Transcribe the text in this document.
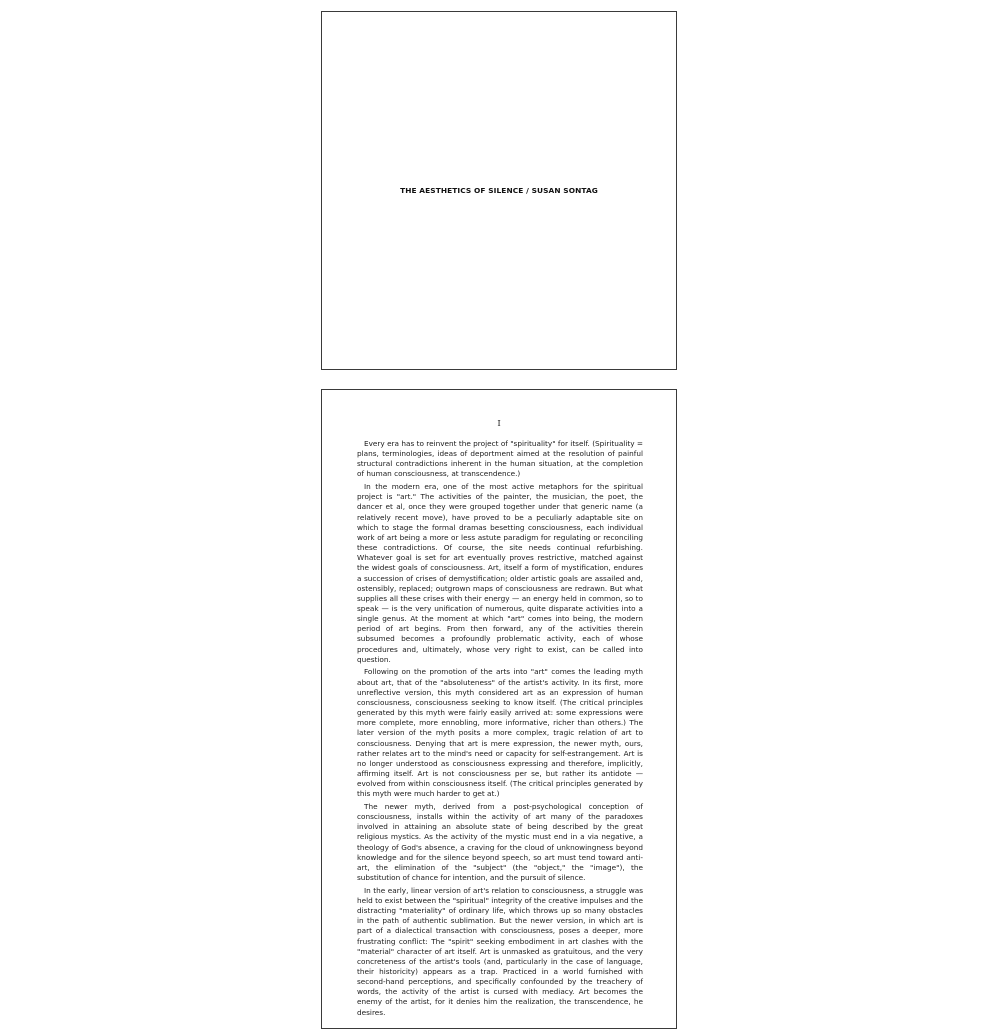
THE AESTHETICS OF SILENCE / SUSAN SONTAG
I

Every era has to reinvent the project of "spirituality" for itself. (Spirituality = plans, terminologies, ideas of deportment aimed at the resolution of painful structural contradictions inherent in the human situation, at the completion of human consciousness, at transcendence.)

In the modern era, one of the most active metaphors for the spiritual project is "art." The activities of the painter, the musician, the poet, the dancer et al, once they were grouped together under that generic name (a relatively recent move), have proved to be a peculiarly adaptable site on which to stage the formal dramas besetting consciousness, each individual work of art being a more or less astute paradigm for regulating or reconciling these contradictions. Of course, the site needs continual refurbishing. Whatever goal is set for art eventually proves restrictive, matched against the widest goals of consciousness. Art, itself a form of mystification, endures a succession of crises of demystification; older artistic goals are assailed and, ostensibly, replaced; outgrown maps of consciousness are redrawn. But what supplies all these crises with their energy — an energy held in common, so to speak — is the very unification of numerous, quite disparate activities into a single genus. At the moment at which "art" comes into being, the modern period of art begins. From then forward, any of the activities therein subsumed becomes a profoundly problematic activity, each of whose procedures and, ultimately, whose very right to exist, can be called into question.

Following on the promotion of the arts into "art" comes the leading myth about art, that of the "absoluteness" of the artist's activity. In its first, more unreflective version, this myth considered art as an expression of human consciousness, consciousness seeking to know itself. (The critical principles generated by this myth were fairly easily arrived at: some expressions were more complete, more ennobling, more informative, richer than others.) The later version of the myth posits a more complex, tragic relation of art to consciousness. Denying that art is mere expression, the newer myth, ours, rather relates art to the mind's need or capacity for self-estrangement. Art is no longer understood as consciousness expressing and therefore, implicitly, affirming itself. Art is not consciousness per se, but rather its antidote — evolved from within consciousness itself. (The critical principles generated by this myth were much harder to get at.)

The newer myth, derived from a post-psychological conception of consciousness, installs within the activity of art many of the paradoxes involved in attaining an absolute state of being described by the great religious mystics. As the activity of the mystic must end in a via negative, a theology of God's absence, a craving for the cloud of unknowingness beyond knowledge and for the silence beyond speech, so art must tend toward anti-art, the elimination of the "subject" (the "object," the "image"), the substitution of chance for intention, and the pursuit of silence.

In the early, linear version of art's relation to consciousness, a struggle was held to exist between the "spiritual" integrity of the creative impulses and the distracting "materiality" of ordinary life, which throws up so many obstacles in the path of authentic sublimation. But the newer version, in which art is part of a dialectical transaction with consciousness, poses a deeper, more frustrating conflict: The "spirit" seeking embodiment in art clashes with the "material" character of art itself. Art is unmasked as gratuitous, and the very concreteness of the artist's tools (and, particularly in the case of language, their historicity) appears as a trap. Practiced in a world furnished with second-hand perceptions, and specifically confounded by the treachery of words, the activity of the artist is cursed with mediacy. Art becomes the enemy of the artist, for it denies him the realization, the transcendence, he desires.
